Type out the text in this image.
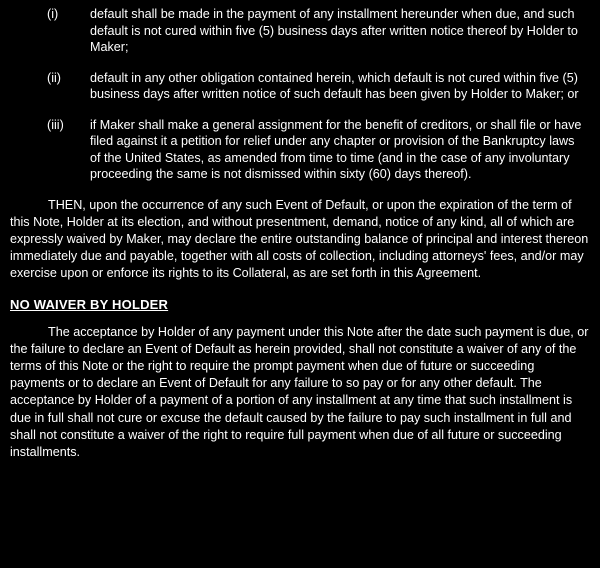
(i)	default shall be made in the payment of any installment hereunder when due, and such default is not cured within five (5) business days after written notice thereof by Holder to Maker;
(ii)	default in any other obligation contained herein, which default is not cured within five (5) business days after written notice of such default has been given by Holder to Maker; or
(iii)	if Maker shall make a general assignment for the benefit of creditors, or shall file or have filed against it a petition for relief under any chapter or provision of the Bankruptcy laws of the United States, as amended from time to time (and in the case of any involuntary proceeding the same is not dismissed within sixty (60) days thereof).

THEN, upon the occurrence of any such Event of Default, or upon the expiration of the term of this Note, Holder at its election, and without presentment, demand, notice of any kind, all of which are expressly waived by Maker, may declare the entire outstanding balance of principal and interest thereon immediately due and payable, together with all costs of collection, including attorneys' fees, and/or may exercise upon or enforce its rights to its Collateral, as are set forth in this Agreement.

NO WAIVER BY HOLDER

The acceptance by Holder of any payment under this Note after the date such payment is due, or the failure to declare an Event of Default as herein provided, shall not constitute a waiver of any of the terms of this Note or the right to require the prompt payment when due of future or succeeding payments or to declare an Event of Default for any failure to so pay or for any other default. The acceptance by Holder of a payment of a portion of any installment at any time that such installment is due in full shall not cure or excuse the default caused by the failure to pay such installment in full and shall not constitute a waiver of the right to require full payment when due of all future or succeeding installments.
